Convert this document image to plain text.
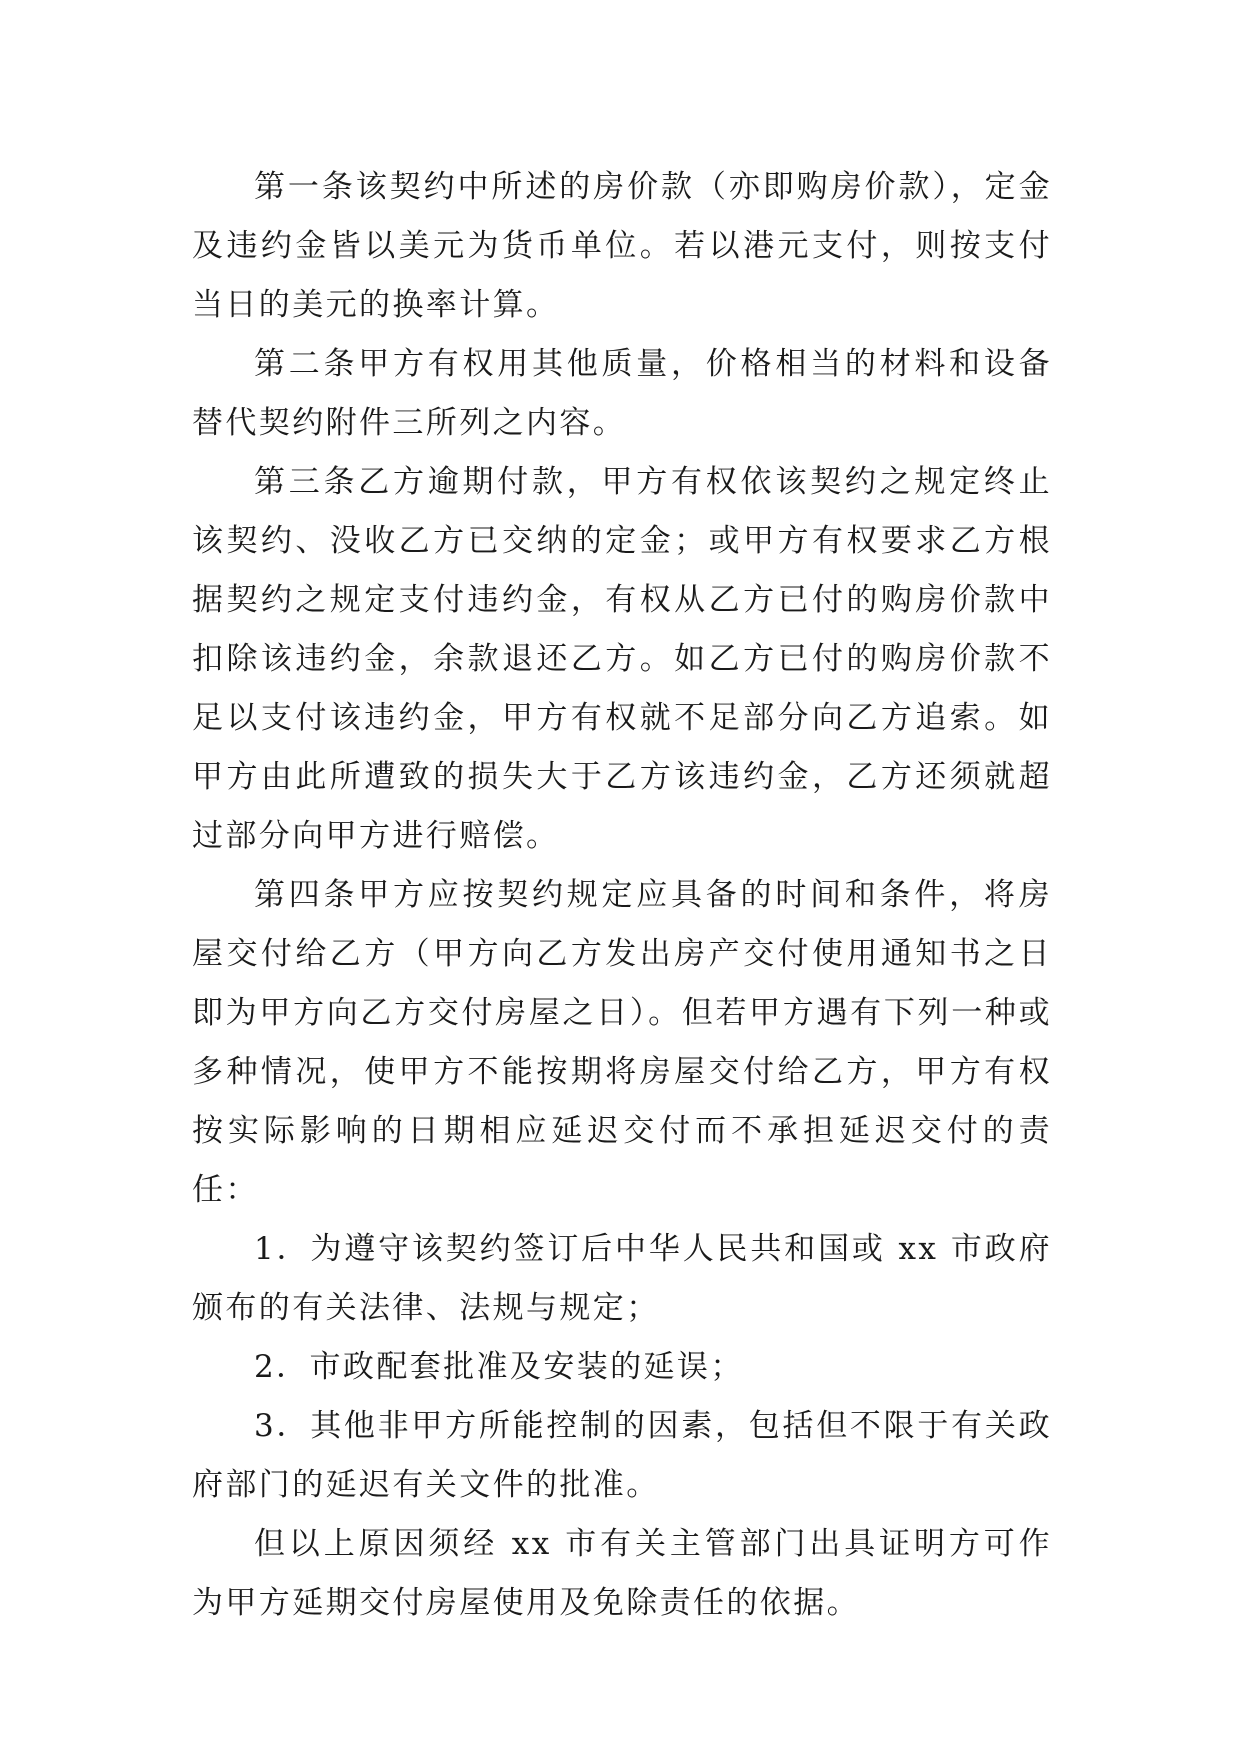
第一条该契约中所述的房价款（亦即购房价款），定金及违约金皆以美元为货币单位。若以港元支付，则按支付当日的美元的换率计算。

第二条甲方有权用其他质量，价格相当的材料和设备替代契约附件三所列之内容。

第三条乙方逾期付款，甲方有权依该契约之规定终止该契约、没收乙方已交纳的定金；或甲方有权要求乙方根据契约之规定支付违约金，有权从乙方已付的购房价款中扣除该违约金，余款退还乙方。如乙方已付的购房价款不足以支付该违约金，甲方有权就不足部分向乙方追索。如甲方由此所遭致的损失大于乙方该违约金，乙方还须就超过部分向甲方进行赔偿。

第四条甲方应按契约规定应具备的时间和条件，将房屋交付给乙方（甲方向乙方发出房产交付使用通知书之日即为甲方向乙方交付房屋之日）。但若甲方遇有下列一种或多种情况，使甲方不能按期将房屋交付给乙方，甲方有权按实际影响的日期相应延迟交付而不承担延迟交付的责任：

1．为遵守该契约签订后中华人民共和国或 xx 市政府颁布的有关法律、法规与规定；

2．市政配套批准及安装的延误；

3．其他非甲方所能控制的因素，包括但不限于有关政府部门的延迟有关文件的批准。

但以上原因须经 xx 市有关主管部门出具证明方可作为甲方延期交付房屋使用及免除责任的依据。
